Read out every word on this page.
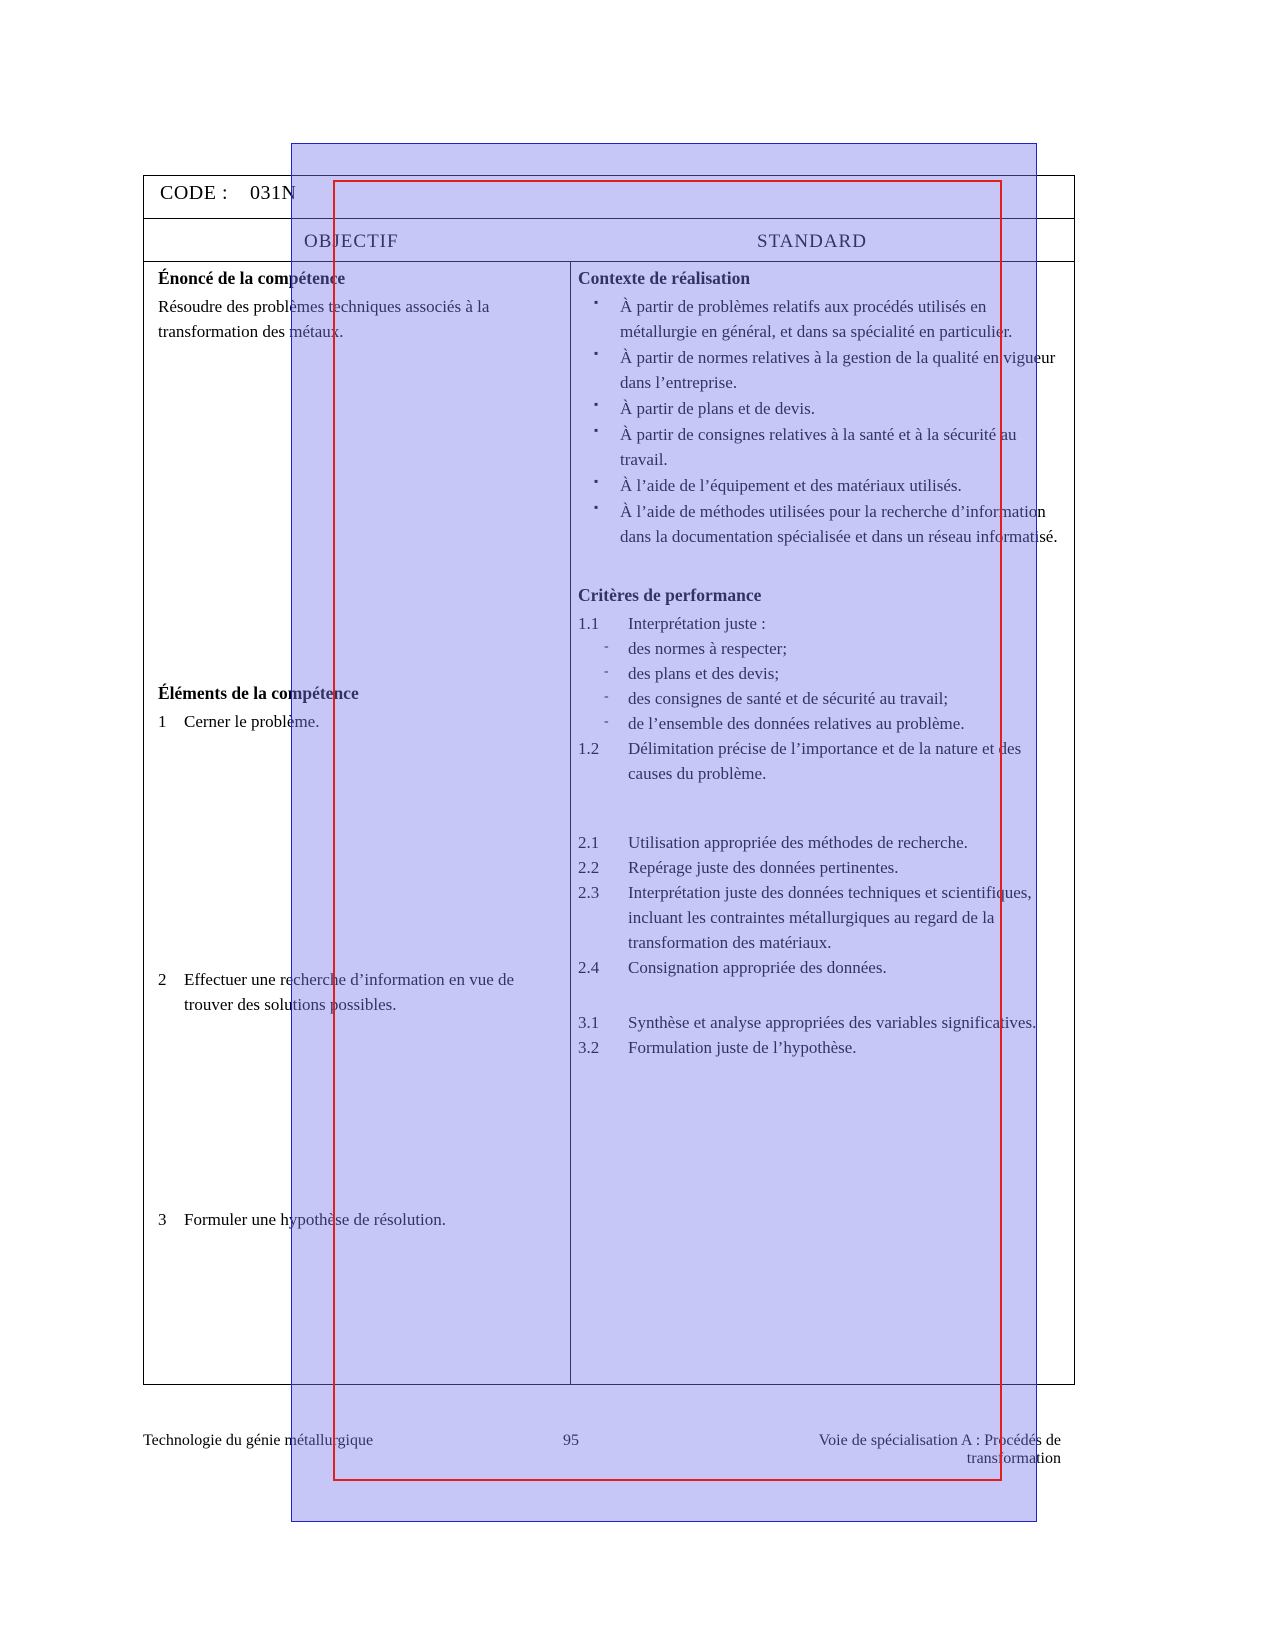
CODE : 031N
OBJECTIF	STANDARD
Énoncé de la compétence
Résoudre des problèmes techniques associés à la transformation des métaux.
Éléments de la compétence
1	Cerner le problème.
2	Effectuer une recherche d’information en vue de trouver des solutions possibles.
3	Formuler une hypothèse de résolution.
Contexte de réalisation
▪ À partir de problèmes relatifs aux procédés utilisés en métallurgie en général, et dans sa spécialité en particulier.
▪ À partir de normes relatives à la gestion de la qualité en vigueur dans l’entreprise.
▪ À partir de plans et de devis.
▪ À partir de consignes relatives à la santé et à la sécurité au travail.
▪ À l’aide de l’équipement et des matériaux utilisés.
▪ À l’aide de méthodes utilisées pour la recherche d’information dans la documentation spécialisée et dans un réseau informatisé.
Critères de performance
1.1	Interprétation juste :
‐ des normes à respecter;
‐ des plans et des devis;
‐ des consignes de santé et de sécurité au travail;
‐ de l’ensemble des données relatives au problème.
1.2	Délimitation précise de l’importance et de la nature et des causes du problème.
2.1	Utilisation appropriée des méthodes de recherche.
2.2	Repérage juste des données pertinentes.
2.3	Interprétation juste des données techniques et scientifiques, incluant les contraintes métallurgiques au regard de la transformation des matériaux.
2.4	Consignation appropriée des données.
3.1	Synthèse et analyse appropriées des variables significatives.
3.2	Formulation juste de l’hypothèse.
Technologie du génie métallurgique	95	Voie de spécialisation A : Procédés de transformation
